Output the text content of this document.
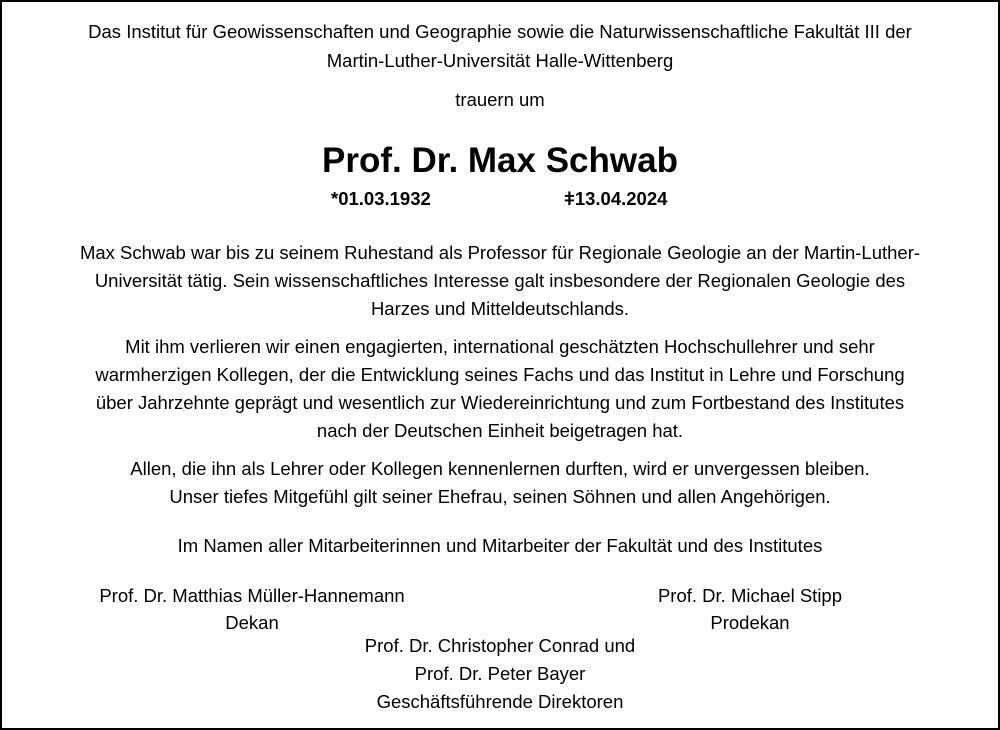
Das Institut für Geowissenschaften und Geographie sowie die Naturwissenschaftliche Fakultät III der
Martin-Luther-Universität Halle-Wittenberg
trauern um
Prof. Dr. Max Schwab
*01.03.1932	ǂ13.04.2024
Max Schwab war bis zu seinem Ruhestand als Professor für Regionale Geologie an der Martin-Luther-
Universität tätig. Sein wissenschaftliches Interesse galt insbesondere der Regionalen Geologie des
Harzes und Mitteldeutschlands.
Mit ihm verlieren wir einen engagierten, international geschätzten Hochschullehrer und sehr
warmherzigen Kollegen, der die Entwicklung seines Fachs und das Institut in Lehre und Forschung
über Jahrzehnte geprägt und wesentlich zur Wiedereinrichtung und zum Fortbestand des Institutes
nach der Deutschen Einheit beigetragen hat.
Allen, die ihn als Lehrer oder Kollegen kennenlernen durften, wird er unvergessen bleiben.
Unser tiefes Mitgefühl gilt seiner Ehefrau, seinen Söhnen und allen Angehörigen.
Im Namen aller Mitarbeiterinnen und Mitarbeiter der Fakultät und des Institutes
Prof. Dr. Matthias Müller-Hannemann
Dekan
Prof. Dr. Michael Stipp
Prodekan
Prof. Dr. Christopher Conrad und
Prof. Dr. Peter Bayer
Geschäftsführende Direktoren
